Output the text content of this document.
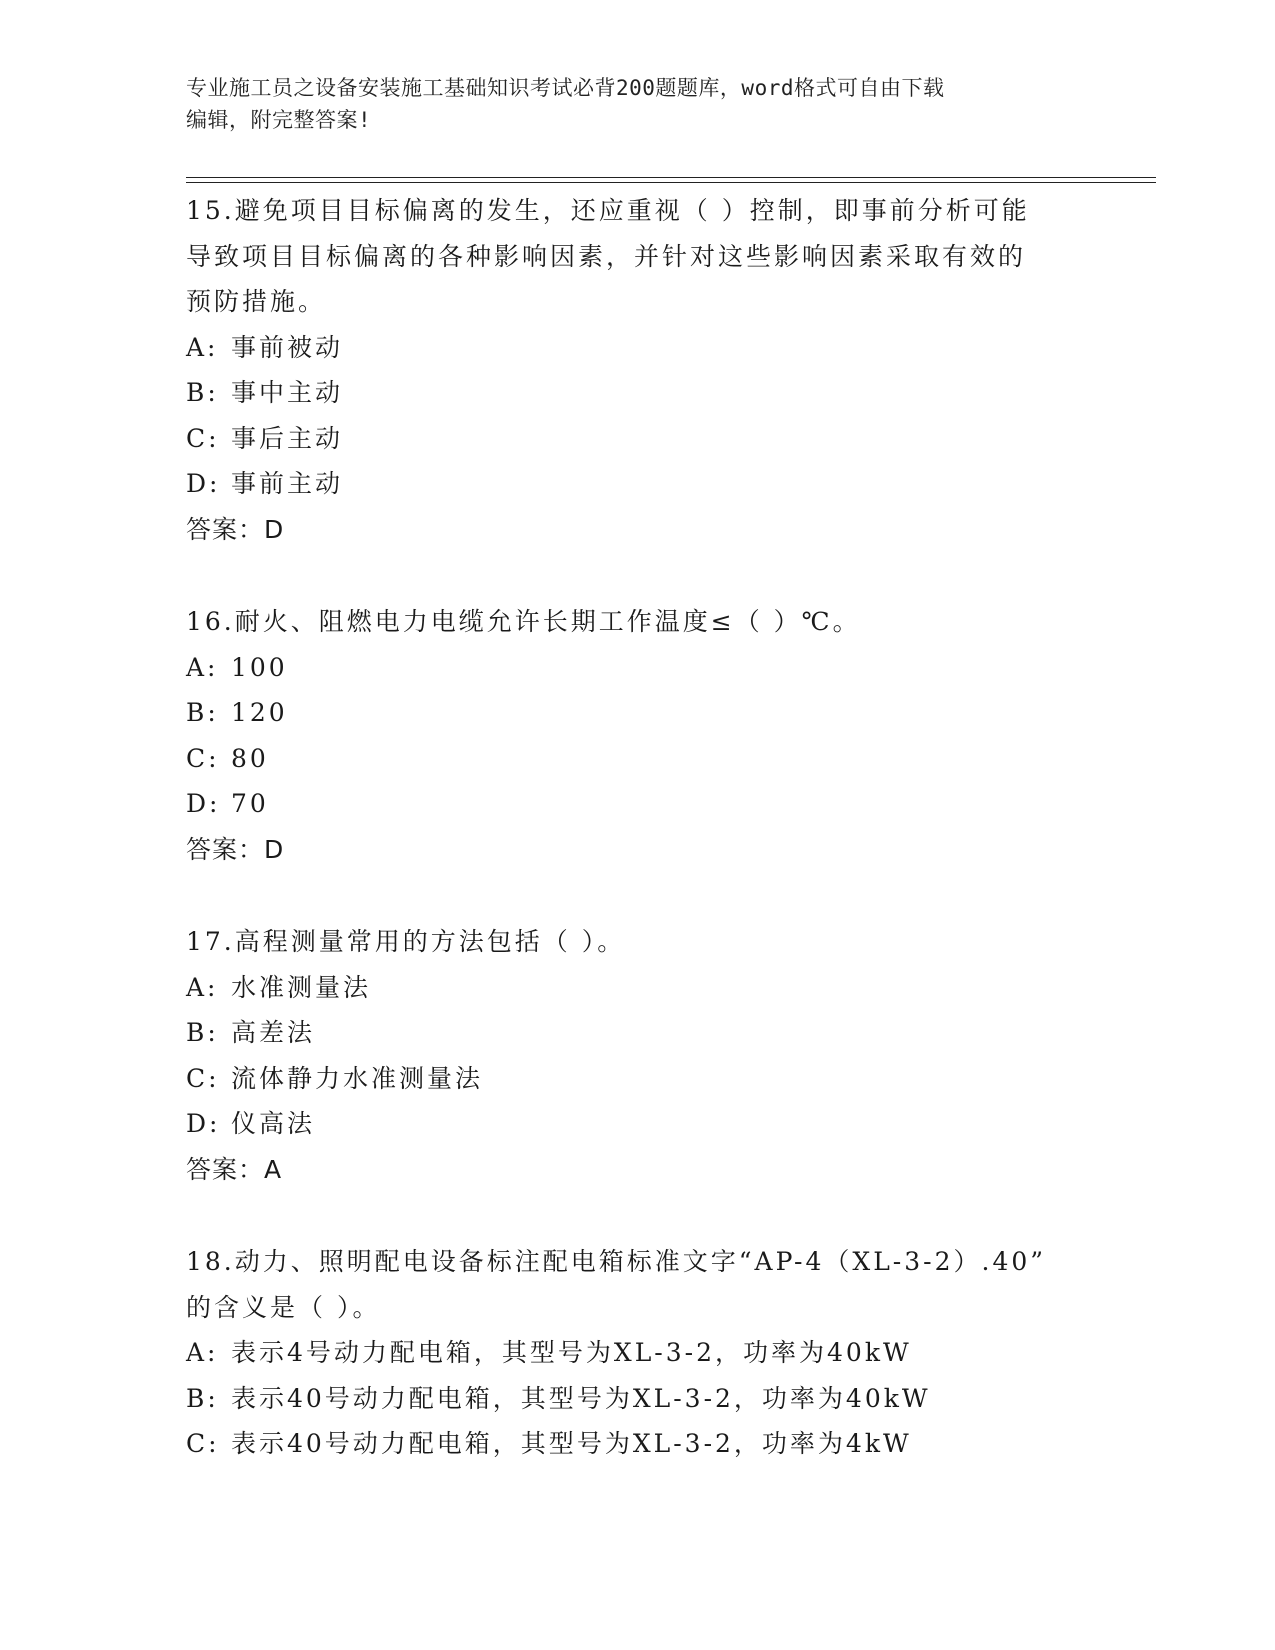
专业施工员之设备安装施工基础知识考试必背200题题库，word格式可自由下载
编辑，附完整答案!

15.避免项目目标偏离的发生，还应重视（ ）控制，即事前分析可能

导致项目目标偏离的各种影响因素，并针对这些影响因素采取有效的

预防措施。

A: 事前被动

B: 事中主动

C: 事后主动

D: 事前主动

答案：D

16.耐火、阻燃电力电缆允许长期工作温度≤（ ）℃。

A: 100

B: 120

C: 80

D: 70

答案：D

17.高程测量常用的方法包括（ ）。

A: 水准测量法

B: 高差法

C: 流体静力水准测量法

D: 仪高法

答案：A

18.动力、照明配电设备标注配电箱标准文字“AP-4（XL-3-2）.40”

的含义是（ ）。

A: 表示4号动力配电箱，其型号为XL-3-2，功率为40kW

B: 表示40号动力配电箱，其型号为XL-3-2，功率为40kW

C: 表示40号动力配电箱，其型号为XL-3-2，功率为4kW
